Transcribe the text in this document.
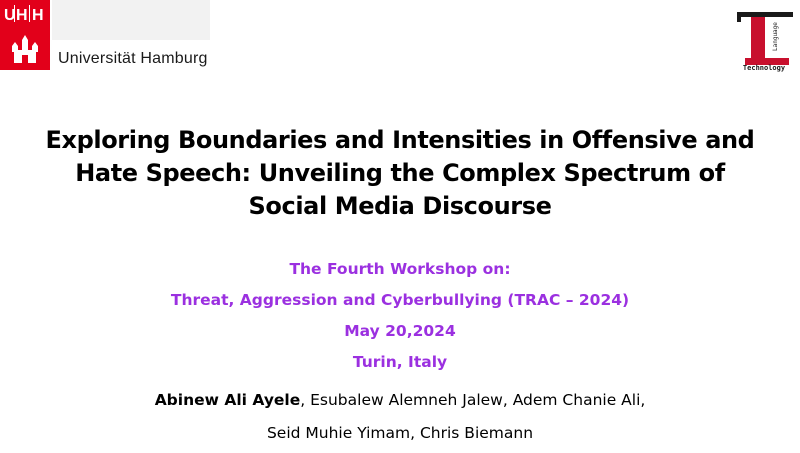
U H H
Universität Hamburg
Language
Technology
Exploring Boundaries and Intensities in Offensive and
Hate Speech: Unveiling the Complex Spectrum of
Social Media Discourse
The Fourth Workshop on:
Threat, Aggression and Cyberbullying (TRAC – 2024)
May 20,2024
Turin, Italy
Abinew Ali Ayele, Esubalew Alemneh Jalew, Adem Chanie Ali,
Seid Muhie Yimam, Chris Biemann
